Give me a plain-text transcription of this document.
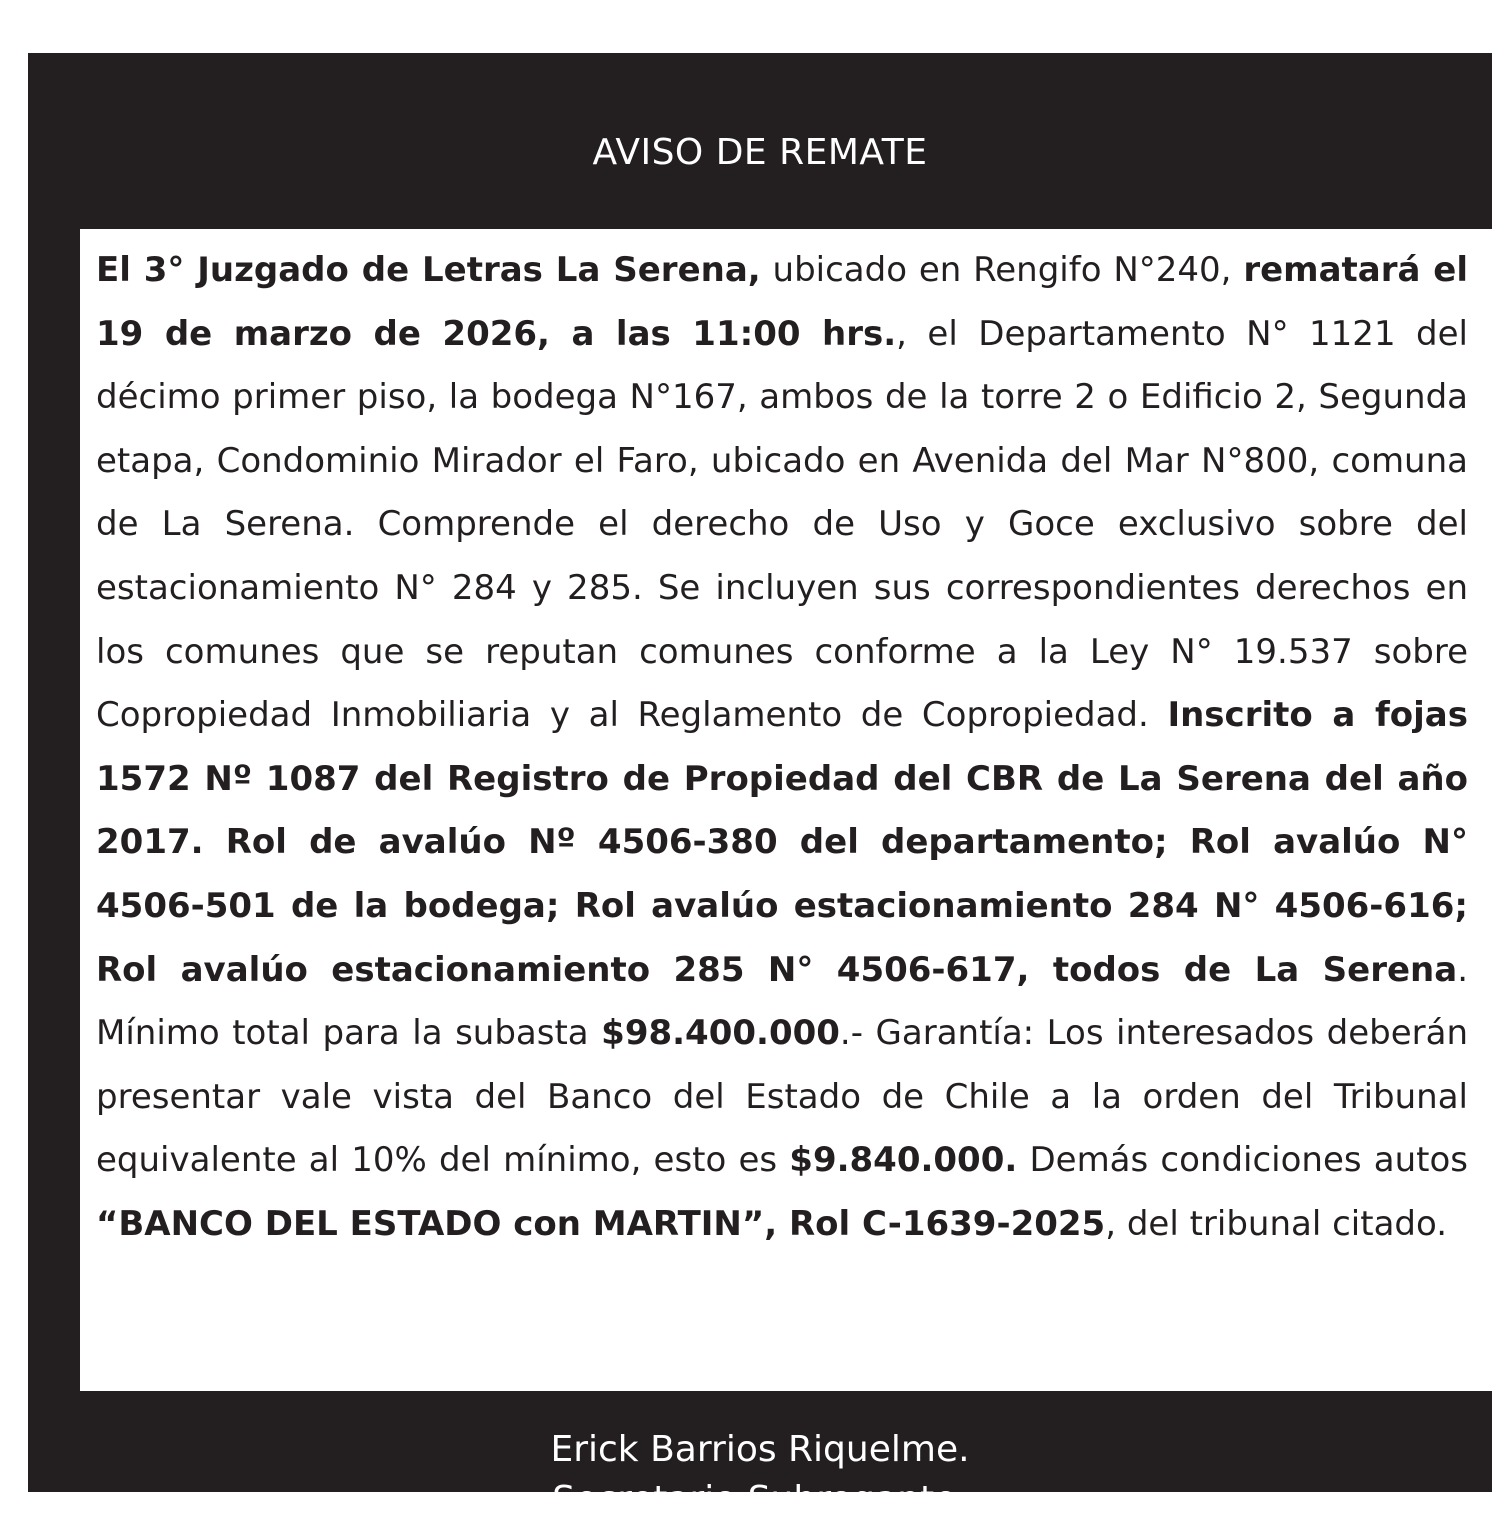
AVISO DE REMATE

El 3° Juzgado de Letras La Serena, ubicado en Rengifo N°240, rematará el 19 de marzo de 2026, a las 11:00 hrs., el Departamento N° 1121 del décimo primer piso, la bodega N°167, ambos de la torre 2 o Edificio 2, Segunda etapa, Condominio Mirador el Faro, ubicado en Avenida del Mar N°800, comuna de La Serena. Comprende el derecho de Uso y Goce exclusivo sobre del estacionamiento N° 284 y 285. Se incluyen sus correspondientes derechos en los comunes que se reputan comunes conforme a la Ley N° 19.537 sobre Copropiedad Inmobiliaria y al Reglamento de Copropiedad. Inscrito a fojas 1572 Nº 1087 del Registro de Propiedad del CBR de La Serena del año 2017. Rol de avalúo Nº 4506-380 del departamento; Rol avalúo N° 4506-501 de la bodega; Rol avalúo estacionamiento 284 N° 4506-616; Rol avalúo estacionamiento 285 N° 4506-617, todos de La Serena. Mínimo total para la subasta $98.400.000.- Garantía: Los interesados deberán presentar vale vista del Banco del Estado de Chile a la orden del Tribunal equivalente al 10% del mínimo, esto es $9.840.000. Demás condiciones autos “BANCO DEL ESTADO con MARTIN”, Rol C-1639-2025, del tribunal citado.

Erick Barrios Riquelme.
Secretario Subrogante.
